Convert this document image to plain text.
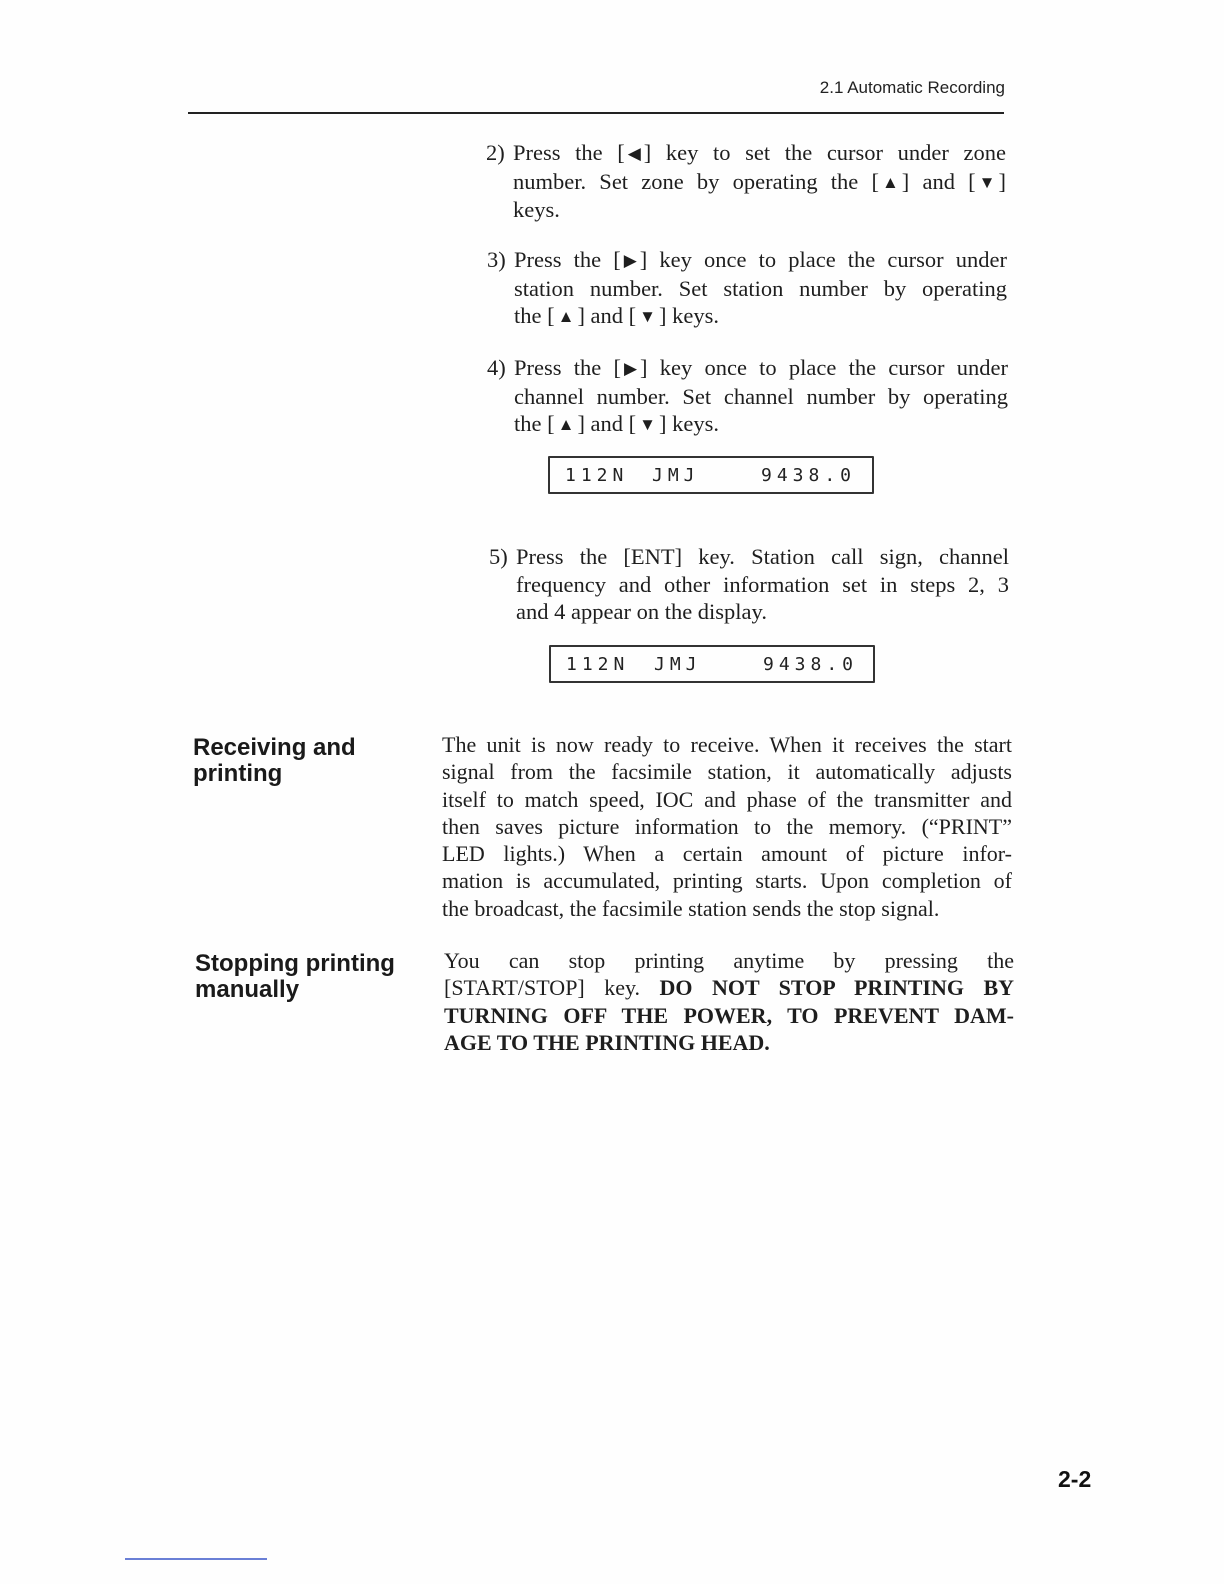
2.1 Automatic Recording
2) Press the [ ◀ ] key to set the cursor under zone
number. Set zone by operating the [ ▲ ] and [ ▼ ]
keys.
3) Press the [ ▶ ] key once to place the cursor under
station number. Set station number by operating
the [ ▲ ] and [ ▼ ] keys.
4) Press the [ ▶ ] key once to place the cursor under
channel number. Set channel number by operating
the [ ▲ ] and [ ▼ ] keys.
112N JMJ	9438.0
5) Press the [ENT] key. Station call sign, channel
frequency and other information set in steps 2, 3
and 4 appear on the display.
112N JMJ	9438.0
Receiving and
printing
The unit is now ready to receive. When it receives the start
signal from the facsimile station, it automatically adjusts
itself to match speed, IOC and phase of the transmitter and
then saves picture information to the memory. (“PRINT”
LED lights.) When a certain amount of picture infor-
mation is accumulated, printing starts. Upon completion of
the broadcast, the facsimile station sends the stop signal.
Stopping printing
manually
You can stop printing anytime by pressing the
[START/STOP] key. DO NOT STOP PRINTING BY
TURNING OFF THE POWER, TO PREVENT DAM-
AGE TO THE PRINTING HEAD.
2-2
